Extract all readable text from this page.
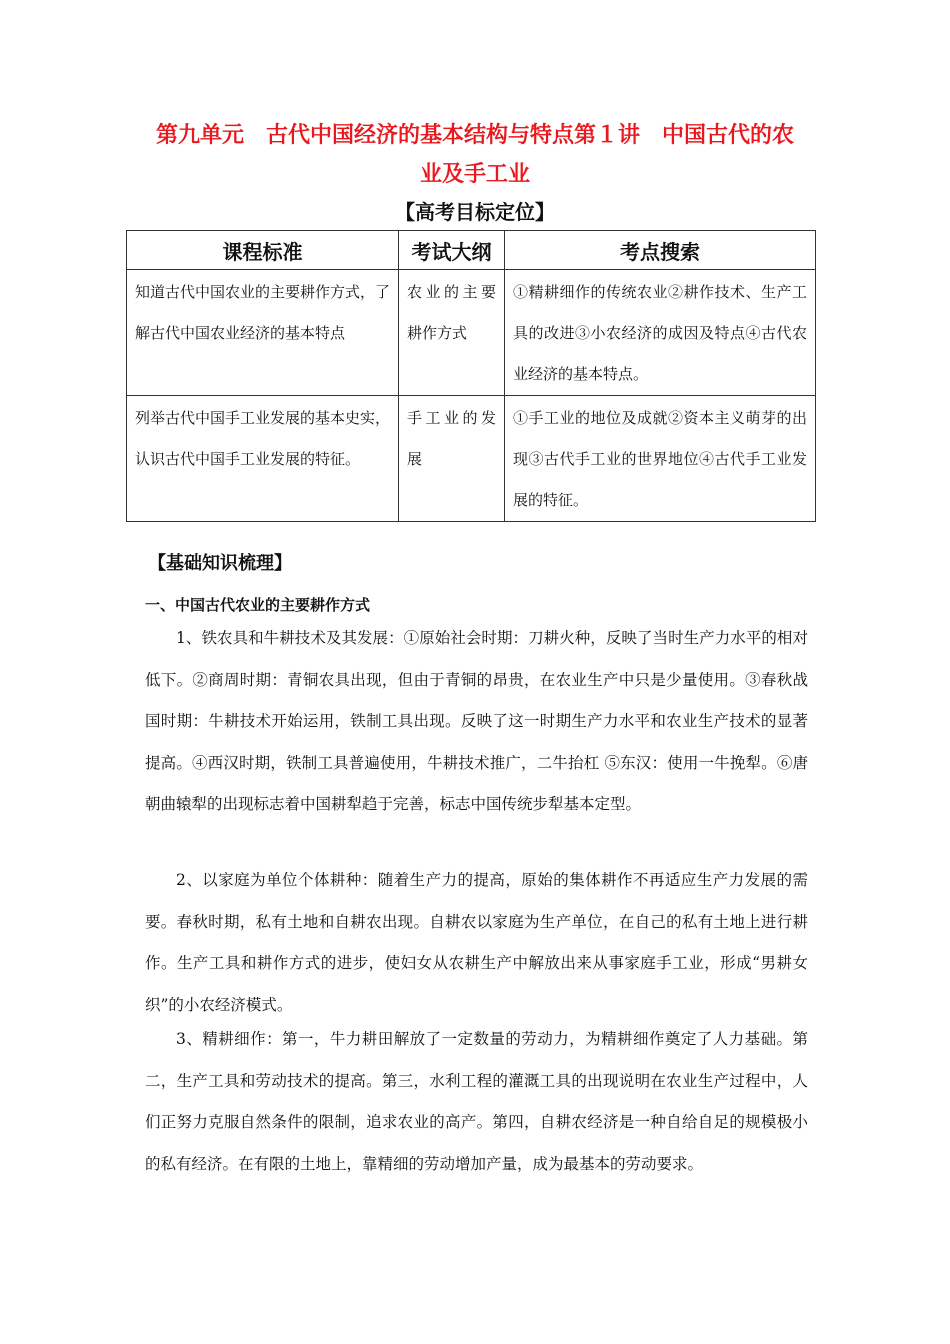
第九单元　古代中国经济的基本结构与特点第１讲　中国古代的农
业及手工业
【高考目标定位】
课程标准	考试大纲	考点搜索
知道古代中国农业的主要耕作方式，了解古代中国农业经济的基本特点	农业的主要耕作方式	①精耕细作的传统农业②耕作技术、生产工具的改进③小农经济的成因及特点④古代农业经济的基本特点。
列举古代中国手工业发展的基本史实，认识古代中国手工业发展的特征。	手工业的发展	①手工业的地位及成就②资本主义萌芽的出现③古代手工业的世界地位④古代手工业发展的特征。
【基础知识梳理】
一、中国古代农业的主要耕作方式

1、铁农具和牛耕技术及其发展：①原始社会时期：刀耕火种，反映了当时生产力水平的相对低下。②商周时期：青铜农具出现，但由于青铜的昂贵，在农业生产中只是少量使用。③春秋战国时期：牛耕技术开始运用，铁制工具出现。反映了这一时期生产力水平和农业生产技术的显著提高。④西汉时期，铁制工具普遍使用，牛耕技术推广，二牛抬杠 ⑤东汉：使用一牛挽犁。⑥唐朝曲辕犁的出现标志着中国耕犁趋于完善，标志中国传统步犁基本定型。

2、以家庭为单位个体耕种：随着生产力的提高，原始的集体耕作不再适应生产力发展的需要。春秋时期，私有土地和自耕农出现。自耕农以家庭为生产单位，在自己的私有土地上进行耕作。生产工具和耕作方式的进步，使妇女从农耕生产中解放出来从事家庭手工业，形成“男耕女织”的小农经济模式。

3、精耕细作：第一，牛力耕田解放了一定数量的劳动力，为精耕细作奠定了人力基础。第二，生产工具和劳动技术的提高。第三，水利工程的灌溉工具的出现说明在农业生产过程中，人们正努力克服自然条件的限制，追求农业的高产。第四，自耕农经济是一种自给自足的规模极小的私有经济。在有限的土地上，靠精细的劳动增加产量，成为最基本的劳动要求。
